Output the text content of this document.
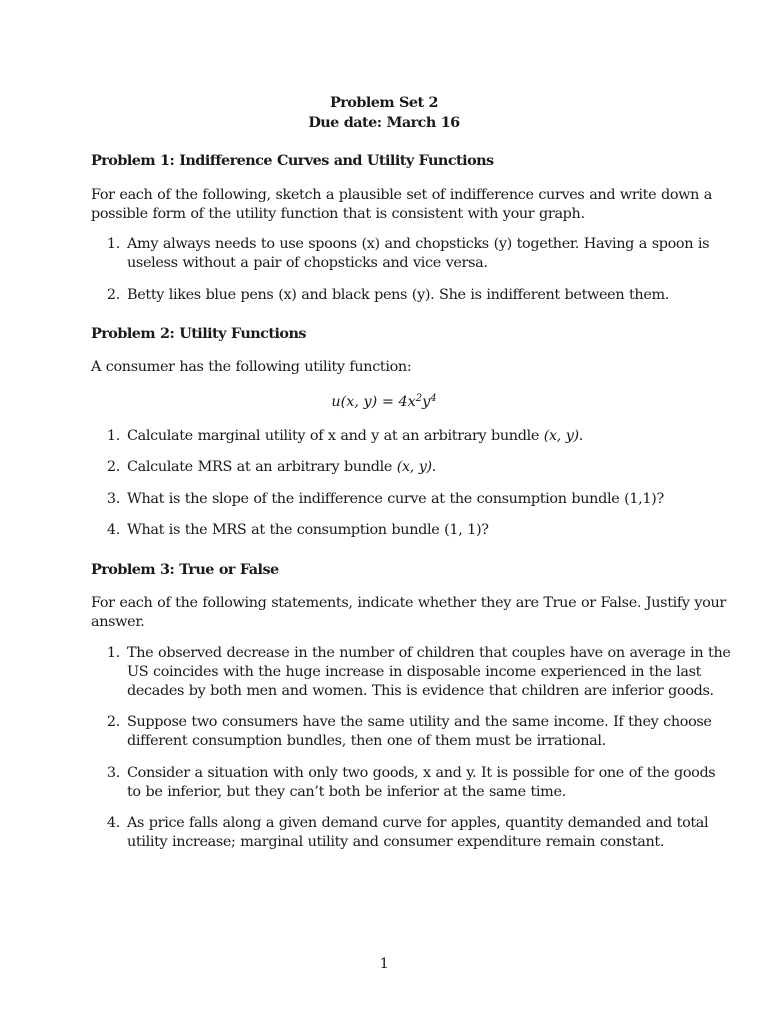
Problem Set 2
Due date: March 16
Problem 1: Indifference Curves and Utility Functions
For each of the following, sketch a plausible set of indifference curves and write down a
possible form of the utility function that is consistent with your graph.
1. Amy always needs to use spoons (x) and chopsticks (y) together. Having a spoon is
useless without a pair of chopsticks and vice versa.
2. Betty likes blue pens (x) and black pens (y). She is indifferent between them.
Problem 2: Utility Functions
A consumer has the following utility function:
u(x, $y) = 4x^2y^4$
1. Calculate marginal utility of x and y at an arbitrary bundle (x, y).
2. Calculate MRS at an arbitrary bundle (x, y).
3. What is the slope of the indifference curve at the consumption bundle (1,1)?
4. What is the MRS at the consumption bundle (1, 1)?
Problem 3: True or False
For each of the following statements, indicate whether they are True or False. Justify your
answer.
1. The observed decrease in the number of children that couples have on average in the
US coincides with the huge increase in disposable income experienced in the last
decades by both men and women. This is evidence that children are inferior goods.
2. Suppose two consumers have the same utility and the same income. If they choose
different consumption bundles, then one of them must be irrational.
3. Consider a situation with only two goods, x and y. It is possible for one of the goods
to be inferior, but they can’t both be inferior at the same time.
4. As price falls along a given demand curve for apples, quantity demanded and total
utility increase; marginal utility and consumer expenditure remain constant.
1
